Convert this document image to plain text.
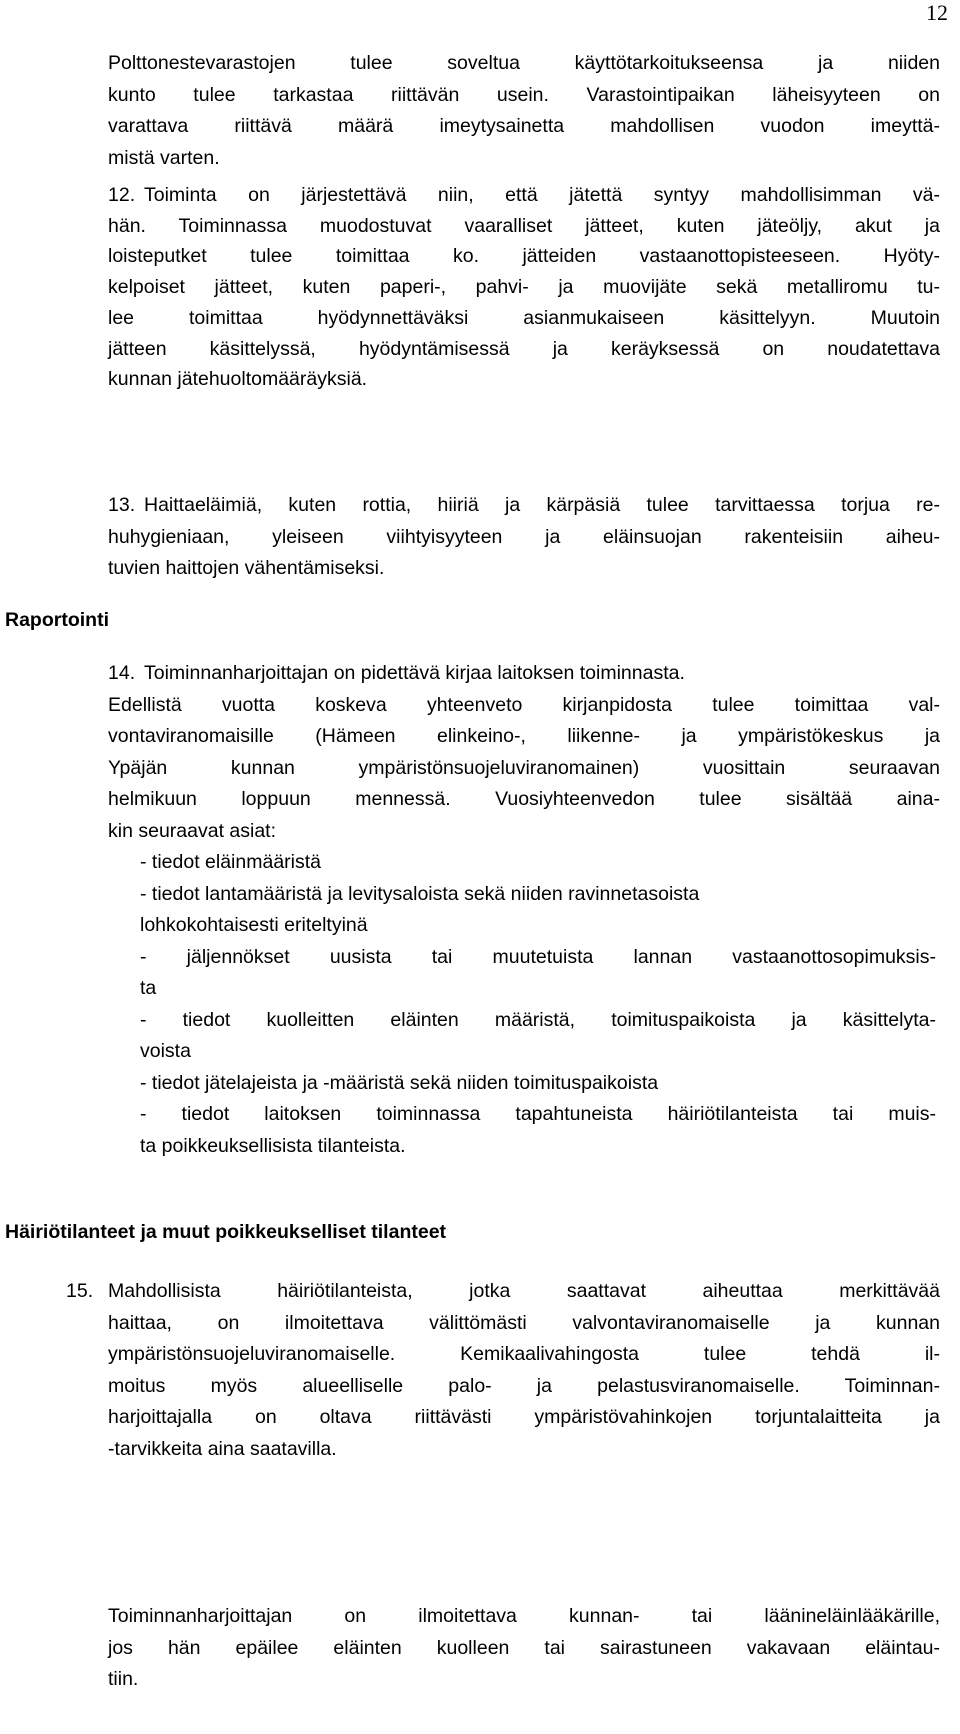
12
Polttonestevarastojen tulee soveltua käyttötarkoitukseensa ja niiden
kunto tulee tarkastaa riittävän usein. Varastointipaikan läheisyyteen on
varattava riittävä määrä imeytysainetta mahdollisen vuodon imeyttä-
mistä varten.
12. Toiminta on järjestettävä niin, että jätettä syntyy mahdollisimman vä-
hän. Toiminnassa muodostuvat vaaralliset jätteet, kuten jäteöljy, akut ja
loisteputket tulee toimittaa ko. jätteiden vastaanottopisteeseen. Hyöty-
kelpoiset jätteet, kuten paperi-, pahvi- ja muovijäte sekä metalliromu tu-
lee toimittaa hyödynnettäväksi asianmukaiseen käsittelyyn. Muutoin
jätteen käsittelyssä, hyödyntämisessä ja keräyksessä on noudatettava
kunnan jätehuoltomääräyksiä.
13. Haittaeläimiä, kuten rottia, hiiriä ja kärpäsiä tulee tarvittaessa torjua re-
huhygieniaan, yleiseen viihtyisyyteen ja eläinsuojan rakenteisiin aiheu-
tuvien haittojen vähentämiseksi.
Raportointi
14. Toiminnanharjoittajan on pidettävä kirjaa laitoksen toiminnasta.
Edellistä vuotta koskeva yhteenveto kirjanpidosta tulee toimittaa val-
vontaviranomaisille (Hämeen elinkeino-, liikenne- ja ympäristökeskus ja
Ypäjän kunnan ympäristönsuojeluviranomainen) vuosittain seuraavan
helmikuun loppuun mennessä. Vuosiyhteenvedon tulee sisältää aina-
kin seuraavat asiat:
- tiedot eläinmääristä
- tiedot lantamääristä ja levitysaloista sekä niiden ravinnetasoista
lohkokohtaisesti eriteltyinä
- jäljennökset uusista tai muutetuista lannan vastaanottosopimuksis-
ta
- tiedot kuolleitten eläinten määristä, toimituspaikoista ja käsittelyta-
voista
- tiedot jätelajeista ja -määristä sekä niiden toimituspaikoista
- tiedot laitoksen toiminnassa tapahtuneista häiriötilanteista tai muis-
ta poikkeuksellisista tilanteista.
Häiriötilanteet ja muut poikkeukselliset tilanteet
15. Mahdollisista häiriötilanteista, jotka saattavat aiheuttaa merkittävää
haittaa, on ilmoitettava välittömästi valvontaviranomaiselle ja kunnan
ympäristönsuojeluviranomaiselle. Kemikaalivahingosta tulee tehdä il-
moitus myös alueelliselle palo- ja pelastusviranomaiselle. Toiminnan-
harjoittajalla on oltava riittävästi ympäristövahinkojen torjuntalaitteita ja
-tarvikkeita aina saatavilla.
Toiminnanharjoittajan on ilmoitettava kunnan- tai läänineläinlääkärille,
jos hän epäilee eläinten kuolleen tai sairastuneen vakavaan eläintau-
tiin.
